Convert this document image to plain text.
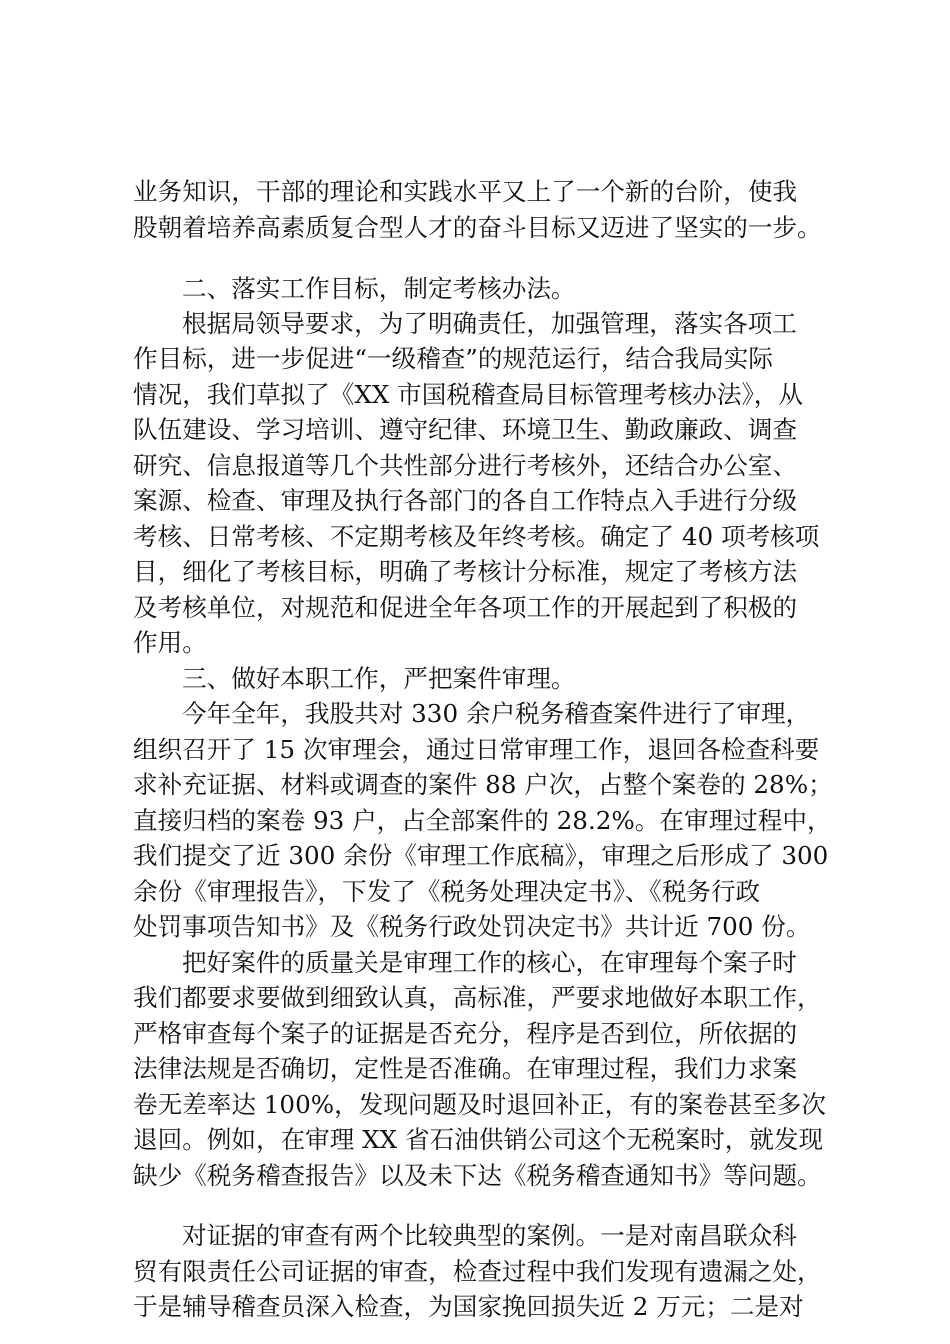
业务知识，干部的理论和实践水平又上了一个新的台阶，使我
股朝着培养高素质复合型人才的奋斗目标又迈进了坚实的一步。
二、落实工作目标，制定考核办法。
根据局领导要求，为了明确责任，加强管理，落实各项工
作目标，进一步促进“一级稽查”的规范运行，结合我局实际
情况，我们草拟了《XX 市国税稽查局目标管理考核办法》，从
队伍建设、学习培训、遵守纪律、环境卫生、勤政廉政、调查
研究、信息报道等几个共性部分进行考核外，还结合办公室、
案源、检查、审理及执行各部门的各自工作特点入手进行分级
考核、日常考核、不定期考核及年终考核。确定了 40 项考核项
目，细化了考核目标，明确了考核计分标准，规定了考核方法
及考核单位，对规范和促进全年各项工作的开展起到了积极的
作用。
三、做好本职工作，严把案件审理。
今年全年，我股共对 330 余户税务稽查案件进行了审理，
组织召开了 15 次审理会，通过日常审理工作，退回各检查科要
求补充证据、材料或调查的案件 88 户次，占整个案卷的 28%；
直接归档的案卷 93 户，占全部案件的 28.2%。在审理过程中，
我们提交了近 300 余份《审理工作底稿》，审理之后形成了 300
余份《审理报告》，下发了《税务处理决定书》、《税务行政
处罚事项告知书》及《税务行政处罚决定书》共计近 700 份。
把好案件的质量关是审理工作的核心，在审理每个案子时
我们都要求要做到细致认真，高标准，严要求地做好本职工作，
严格审查每个案子的证据是否充分，程序是否到位，所依据的
法律法规是否确切，定性是否准确。在审理过程，我们力求案
卷无差率达 100%，发现问题及时退回补正，有的案卷甚至多次
退回。例如，在审理 XX 省石油供销公司这个无税案时，就发现
缺少《税务稽查报告》以及未下达《税务稽查通知书》等问题。
对证据的审查有两个比较典型的案例。一是对南昌联众科
贸有限责任公司证据的审查，检查过程中我们发现有遗漏之处，
于是辅导稽查员深入检查，为国家挽回损失近 2 万元；二是对
